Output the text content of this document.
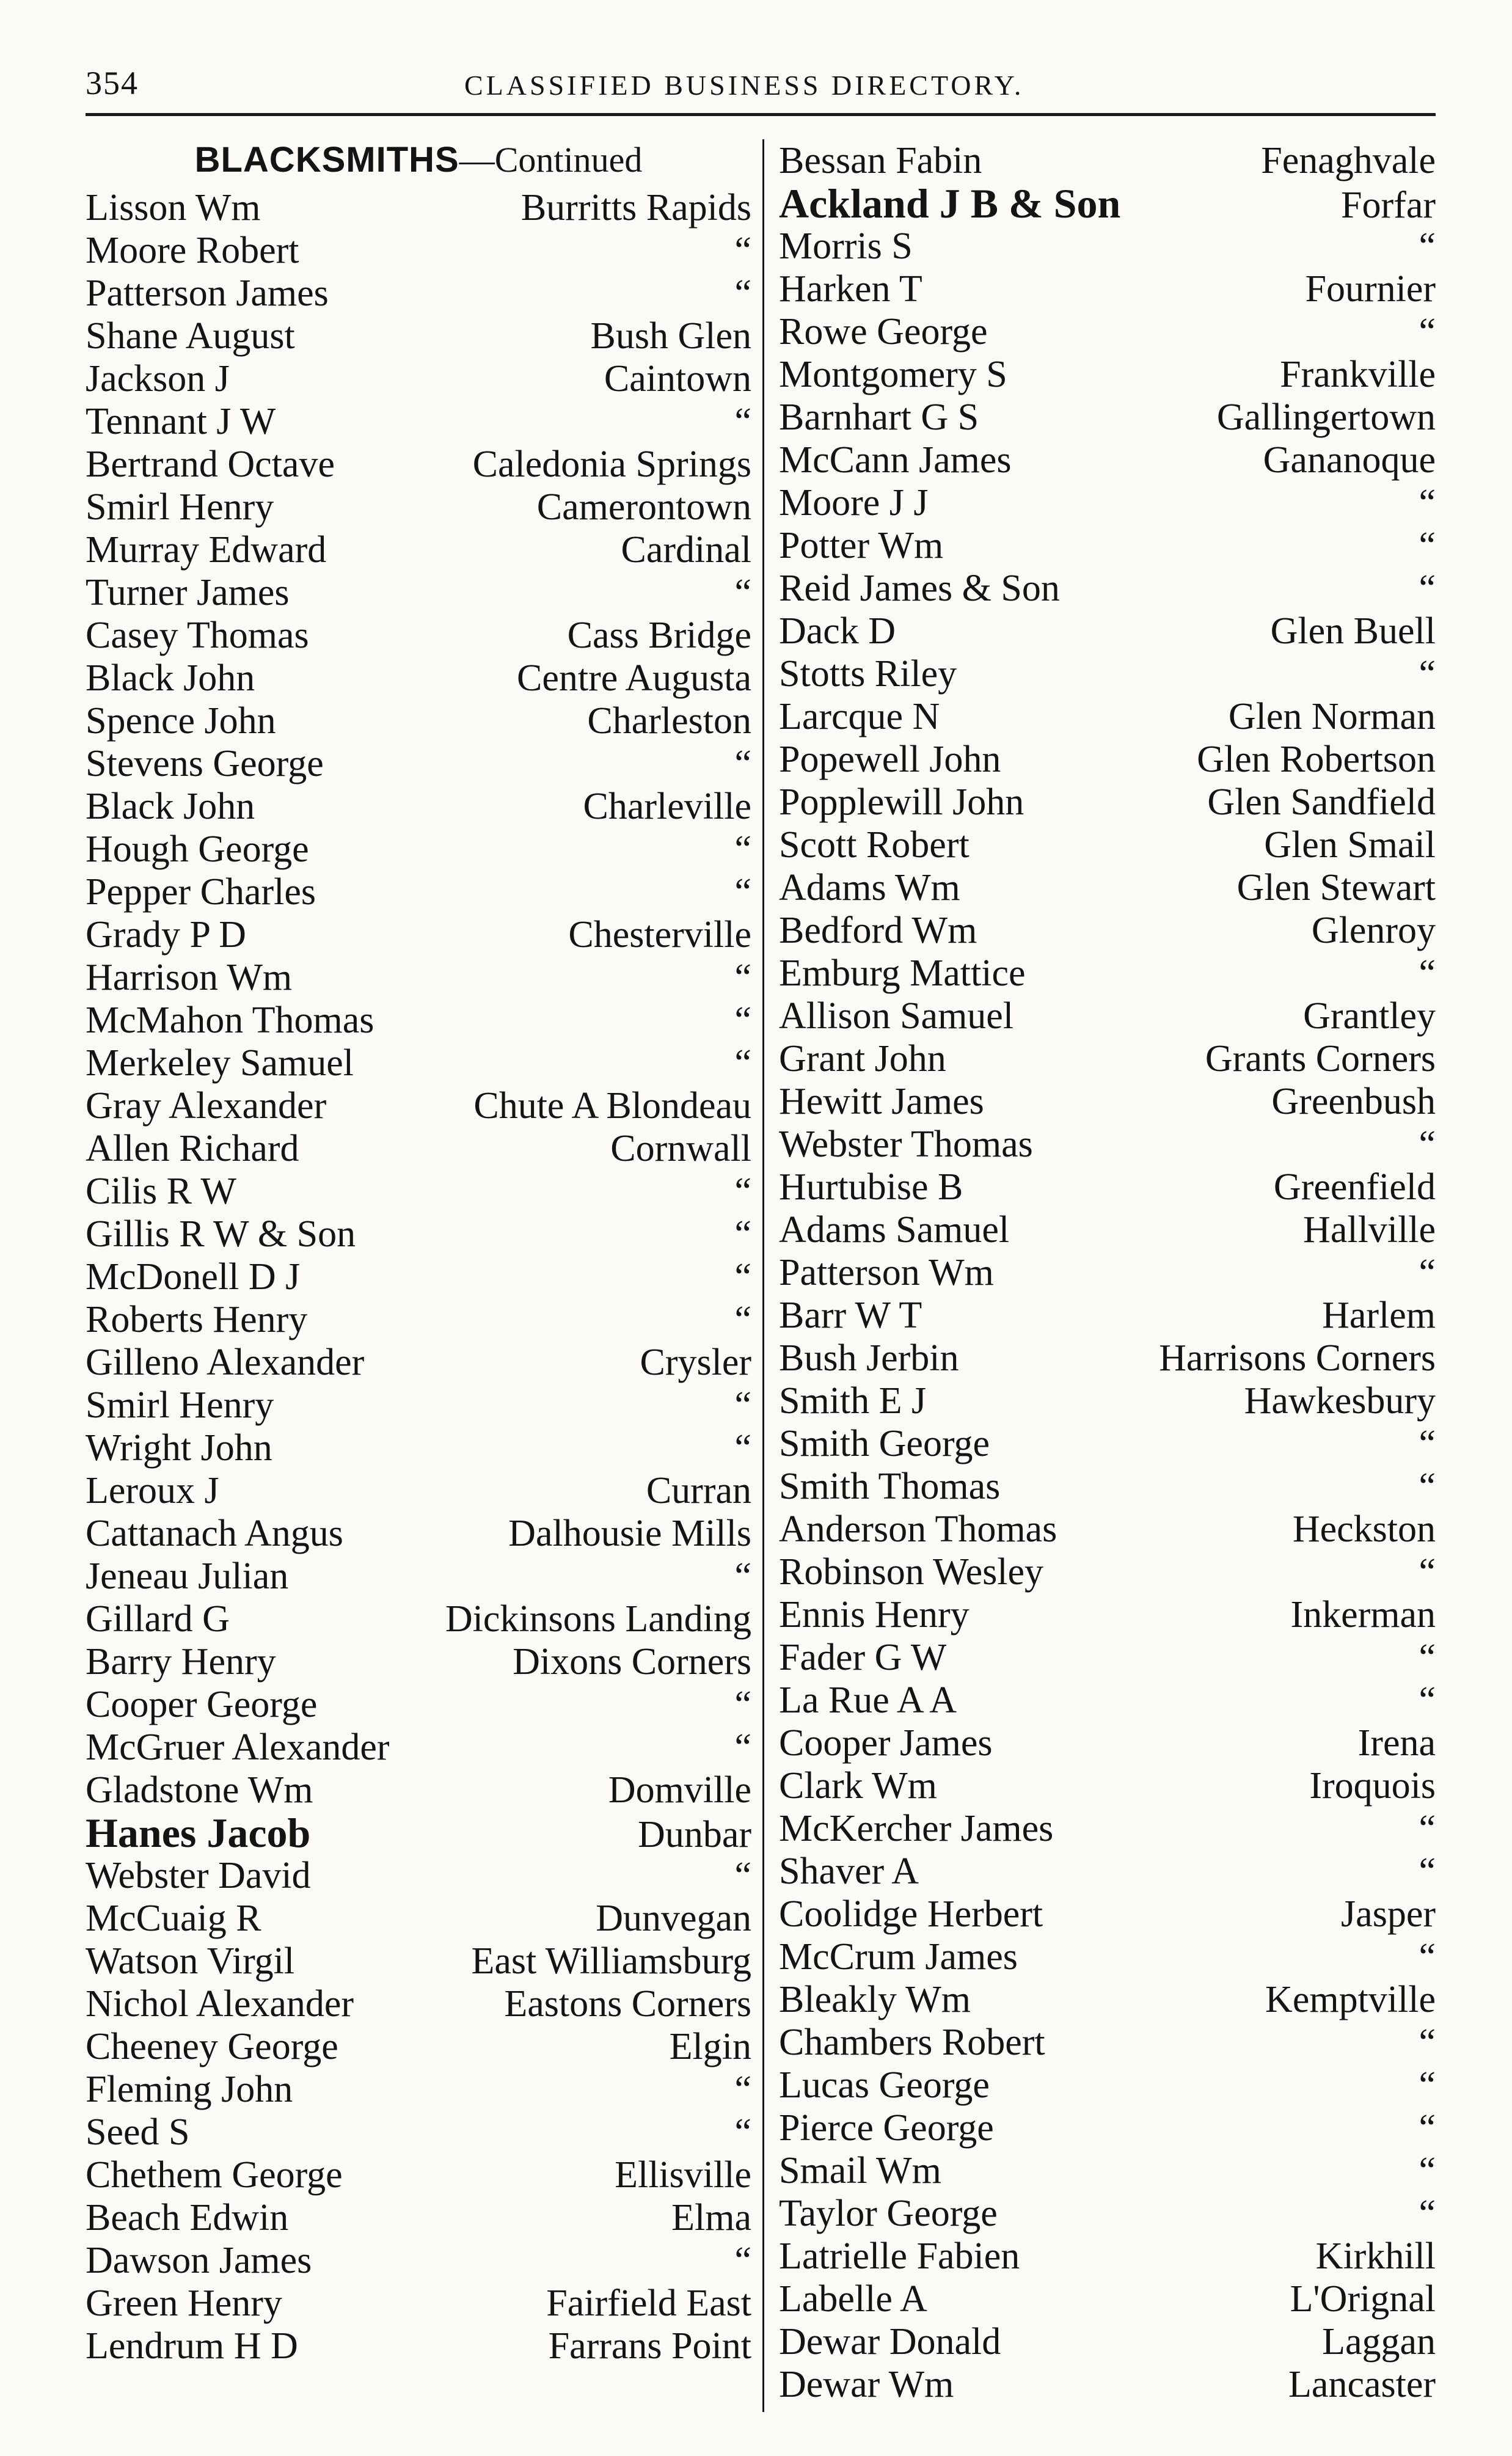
354	CLASSIFIED BUSINESS DIRECTORY.
BLACKSMITHS—Continued
Lisson Wm	Burritts Rapids
Moore Robert	“
Patterson James	“
Shane August	Bush Glen
Jackson J	Caintown
Tennant J W	“
Bertrand Octave	Caledonia Springs
Smirl Henry	Camerontown
Murray Edward	Cardinal
Turner James	“
Casey Thomas	Cass Bridge
Black John	Centre Augusta
Spence John	Charleston
Stevens George	“
Black John	Charleville
Hough George	“
Pepper Charles	“
Grady P D	Chesterville
Harrison Wm	“
McMahon Thomas	“
Merkeley Samuel	“
Gray Alexander	Chute A Blondeau
Allen Richard	Cornwall
Cilis R W	“
Gillis R W & Son	“
McDonell D J	“
Roberts Henry	“
Gilleno Alexander	Crysler
Smirl Henry	“
Wright John	“
Leroux J	Curran
Cattanach Angus	Dalhousie Mills
Jeneau Julian	“
Gillard G	Dickinsons Landing
Barry Henry	Dixons Corners
Cooper George	“
McGruer Alexander	“
Gladstone Wm	Domville
Hanes Jacob	Dunbar
Webster David	“
McCuaig R	Dunvegan
Watson Virgil	East Williamsburg
Nichol Alexander	Eastons Corners
Cheeney George	Elgin
Fleming John	“
Seed S	“
Chethem George	Ellisville
Beach Edwin	Elma
Dawson James	“
Green Henry	Fairfield East
Lendrum H D	Farrans Point
Bessan Fabin	Fenaghvale
Ackland J B & Son	Forfar
Morris S	“
Harken T	Fournier
Rowe George	“
Montgomery S	Frankville
Barnhart G S	Gallingertown
McCann James	Gananoque
Moore J J	“
Potter Wm	“
Reid James & Son	“
Dack D	Glen Buell
Stotts Riley	“
Larcque N	Glen Norman
Popewell John	Glen Robertson
Popplewill John	Glen Sandfield
Scott Robert	Glen Smail
Adams Wm	Glen Stewart
Bedford Wm	Glenroy
Emburg Mattice	“
Allison Samuel	Grantley
Grant John	Grants Corners
Hewitt James	Greenbush
Webster Thomas	“
Hurtubise B	Greenfield
Adams Samuel	Hallville
Patterson Wm	“
Barr W T	Harlem
Bush Jerbin	Harrisons Corners
Smith E J	Hawkesbury
Smith George	“
Smith Thomas	“
Anderson Thomas	Heckston
Robinson Wesley	“
Ennis Henry	Inkerman
Fader G W	“
La Rue A A	“
Cooper James	Irena
Clark Wm	Iroquois
McKercher James	“
Shaver A	“
Coolidge Herbert	Jasper
McCrum James	“
Bleakly Wm	Kemptville
Chambers Robert	“
Lucas George	“
Pierce George	“
Smail Wm	“
Taylor George	“
Latrielle Fabien	Kirkhill
Labelle A	L'Orignal
Dewar Donald	Laggan
Dewar Wm	Lancaster
